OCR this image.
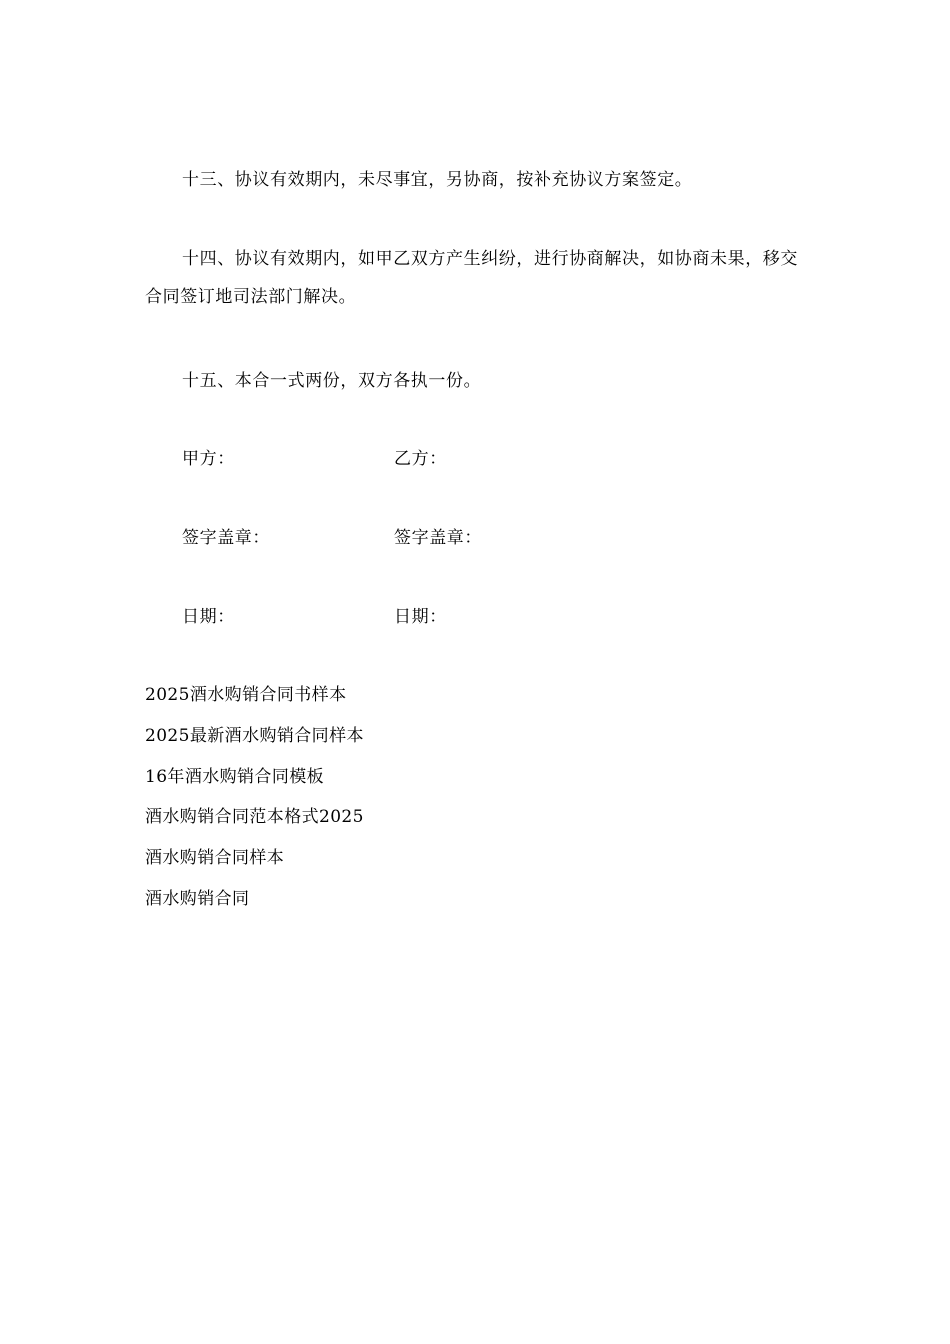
十三、协议有效期内，未尽事宜，另协商，按补充协议方案签定。

十四、协议有效期内，如甲乙双方产生纠纷，进行协商解决，如协商未果，移交合同签订地司法部门解决。

十五、本合一式两份，双方各执一份。

甲方：	乙方：
签字盖章：	签字盖章：
日期：	日期：
2025酒水购销合同书样本
2025最新酒水购销合同样本
16年酒水购销合同模板
酒水购销合同范本格式2025
酒水购销合同样本
酒水购销合同
